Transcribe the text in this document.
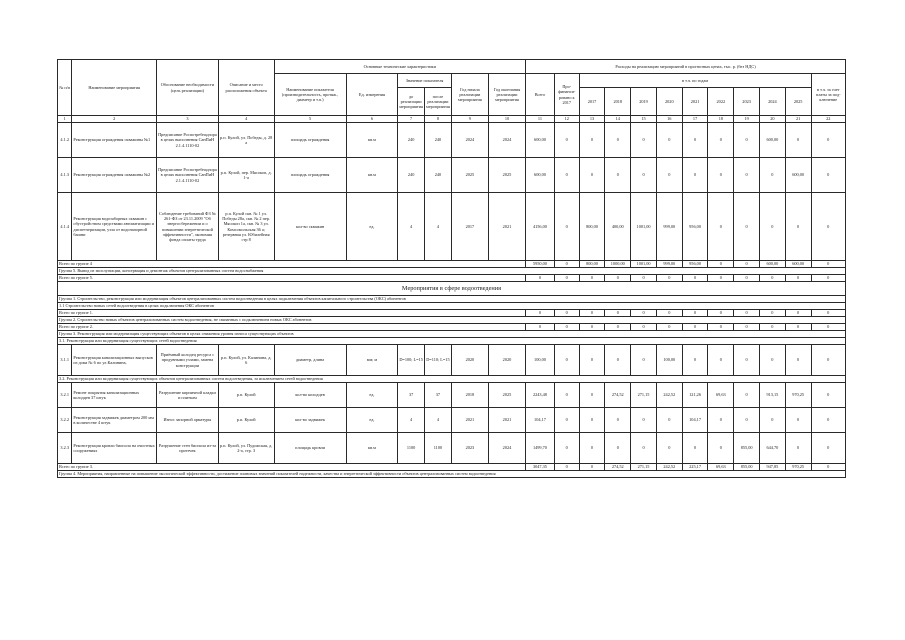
№ п/п	Наименование мероприятия	Обоснование необходимости (цель реализации)	Описание и место расположения объекта	Основные технические характеристики						Расходы на реализацию мероприятий в прогнозных ценах, тыс. р. (без НДС)											
				Наименование показателя (производительность, протяж., диаметр и т.п.)	Ед. измерения	Значение показателя		Год начала реализации мероприятия	Год окончания реализации мероприятия	Всего	Про-финанси-ровано к 2017	в т.ч. по годам									в т.ч. за счет платы за под-ключение
						до реализации мероприятия	после реализации мероприятия					2017	2018	2019	2020	2021	2022	2023	2024	2025	
1	2	3	4	5	6	7	8	9	10	11	12	13	14	15	16	17	18	19	20	21	22
4.1.2	Реконструкция ограждения скважины №1	Предписание Роспотребнадзора в целях выполнения СанПиН 2.1.4.1110-02	р.п. Кулой, ул. Победы, д. 28 а	площадь ограждения	кв.м	240	240	2024	2024	600,00	0	0	0	0	0	0	0	0	600,00	0	0
4.1.3	Реконструкция ограждения скважины №2	Предписание Роспотребнадзора в целях выполнения СанПиН 2.1.4.1110-02	р.п. Кулой, пер. Мясокоп, д. 1-а	площадь ограждения	кв.м	240	240	2025	2025	600,00	0	0	0	0	0	0	0	0	0	600,00	0
4.1.4	Реконструкция водозаборных скважин с обустройством средствами автоматизации и диспетчеризации, узла от водонапорной башни	Соблюдение требований ФЗ № 261-ФЗ от 23.11.2009 "Об энергосбережении и о повышении энергетической эффективности", экономия фонда оплаты труда	р.п. Кулой скв. № 1 ул. Победы 28а, скв. № 2 пер. Мясокоп 1а, скв. № 3 ул. Комсомольская 36 а; резервная ул. Юбилейная стр 8	кол-во скважин	ед.	4	4	2017	2021	4156,00	0	800,00	400,00	1001,00	999,00	956,00	0	0	0	0	0
Всего по группе 4										5950,00	0	800,00	1000,00	1001,00	999,00	956,00	0	0	600,00	600,00	0
Группа 5. Вывод из эксплуатации, консервация и демонтаж объектов централизованных систем водоснабжения																					
Всего по группе 5.										0	0	0	0	0	0	0	0	0	0	0	0
Мероприятия в сфере водоотведения																					
Группа 1. Строительство, реконструкция или модернизация объектов централизованных систем водоотведения в целях подключения объектов капитального строительства (ОКС) абонентов																					
1.1 Строительство новых сетей водоотведения в целях подключения ОКС абонентов																					
Всего по группе 1.										0	0	0	0	0	0	0	0	0	0	0	0
Группа 2. Строительство новых объектов централизованных систем водоотведения, не связанных с подключением новых ОКС абонентов																					
Всего по группе 2.										0	0	0	0	0	0	0	0	0	0	0	0
Группа 3. Реконструкция или модернизация существующих объектов в целях снижения уровня износа существующих объектов																					
3.1. Реконструкция или модернизация существующих сетей водоотведения																					
3.1.1	Реконструкция канализационных выпусков из дома № 6 по ул.Калинина,	Приёмный колодец ресурса с продувными узлами, замена конструкции	р.п. Кулой, ул. Калинина, д. 6	диаметр, длина	мм; м	D=100; L=15	D=110; L=15	2020	2020	100,00	0	0	0	0	100,00	0	0	0	0	0	0
3.2. Реконструкция или модернизация существующих объектов централизованных систем водоотведения, за исключением сетей водоотведения																					
3.2.1	Ремонт покрытия канализационных колодцев 37 штук	Разрушение кирпичной кладки и плиткам	р.п. Кулой	кол-во колодцев	ед.	37	37	2018	2025	2243,48	0	0	274,52	271,15	242,52	121,26	69,63	0	913,15	970,25	0
3.2.2	Реконструкция задвижек диаметром 200 мм в количестве 4 штук	Износ запорной арматуры	р.п. Кулой	кол-во задвижек	ед.	4	4	2021	2021	104,17	0	0	0	0	0	104,17	0	0	0	0	0
3.2.3	Реконструкция кровли биопола на очистных сооружениях	Разрушение стен биопола из-за протечек	р.п. Кулой, ул. Пудожская, д. 2-а, стр. 3	площадь кровли	кв.м	1100	1100	2023	2024	1499,70	0	0	0	0	0	0	0	855,00	644,70	0	0
Всего по группе 3.										3047,35	0	0	274,52	271,15	242,52	225,17	69,63	855,00	947,85	970,25	0
Группа 4. Мероприятия, направленные на повышение экологической эффективности, достижение плановых значений показателей надежности, качества и энергетической эффективности объектов централизованных систем водоотведения																					
